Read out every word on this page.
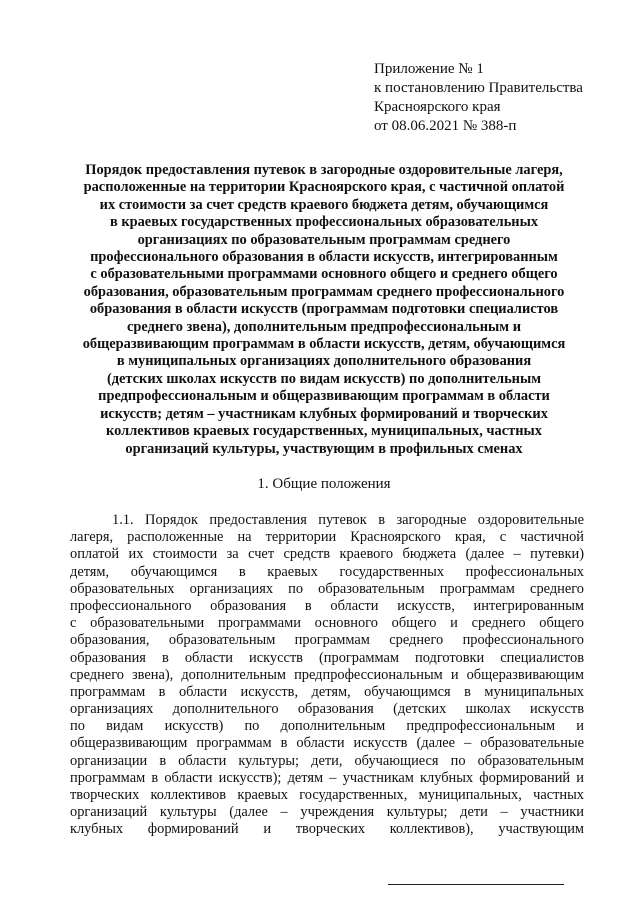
Приложение № 1
к постановлению Правительства
Красноярского края
от 08.06.2021 № 388-п
Порядок предоставления путевок в загородные оздоровительные лагеря,
расположенные на территории Красноярского края, с частичной оплатой
их стоимости за счет средств краевого бюджета детям, обучающимся
в краевых государственных профессиональных образовательных
организациях по образовательным программам среднего
профессионального образования в области искусств, интегрированным
с образовательными программами основного общего и среднего общего
образования, образовательным программам среднего профессионального
образования в области искусств (программам подготовки специалистов
среднего звена), дополнительным предпрофессиональным и
общеразвивающим программам в области искусств, детям, обучающимся
в муниципальных организациях дополнительного образования
(детских школах искусств по видам искусств) по дополнительным
предпрофессиональным и общеразвивающим программам в области
искусств; детям – участникам клубных формирований и творческих
коллективов краевых государственных, муниципальных, частных
организаций культуры, участвующим в профильных сменах
1. Общие положения
1.1. Порядок предоставления путевок в загородные оздоровительные
лагеря, расположенные на территории Красноярского края, с частичной
оплатой их стоимости за счет средств краевого бюджета (далее – путевки)
детям, обучающимся в краевых государственных профессиональных
образовательных организациях по образовательным программам среднего
профессионального образования в области искусств, интегрированным
с образовательными программами основного общего и среднего общего
образования, образовательным программам среднего профессионального
образования в области искусств (программам подготовки специалистов
среднего звена), дополнительным предпрофессиональным и общеразвивающим
программам в области искусств, детям, обучающимся в муниципальных
организациях дополнительного образования (детских школах искусств
по видам искусств) по дополнительным предпрофессиональным и
общеразвивающим программам в области искусств (далее – образовательные
организации в области культуры; дети, обучающиеся по образовательным
программам в области искусств); детям – участникам клубных формирований и
творческих коллективов краевых государственных, муниципальных, частных
организаций культуры (далее – учреждения культуры; дети – участники
клубных формирований и творческих коллективов), участвующим
